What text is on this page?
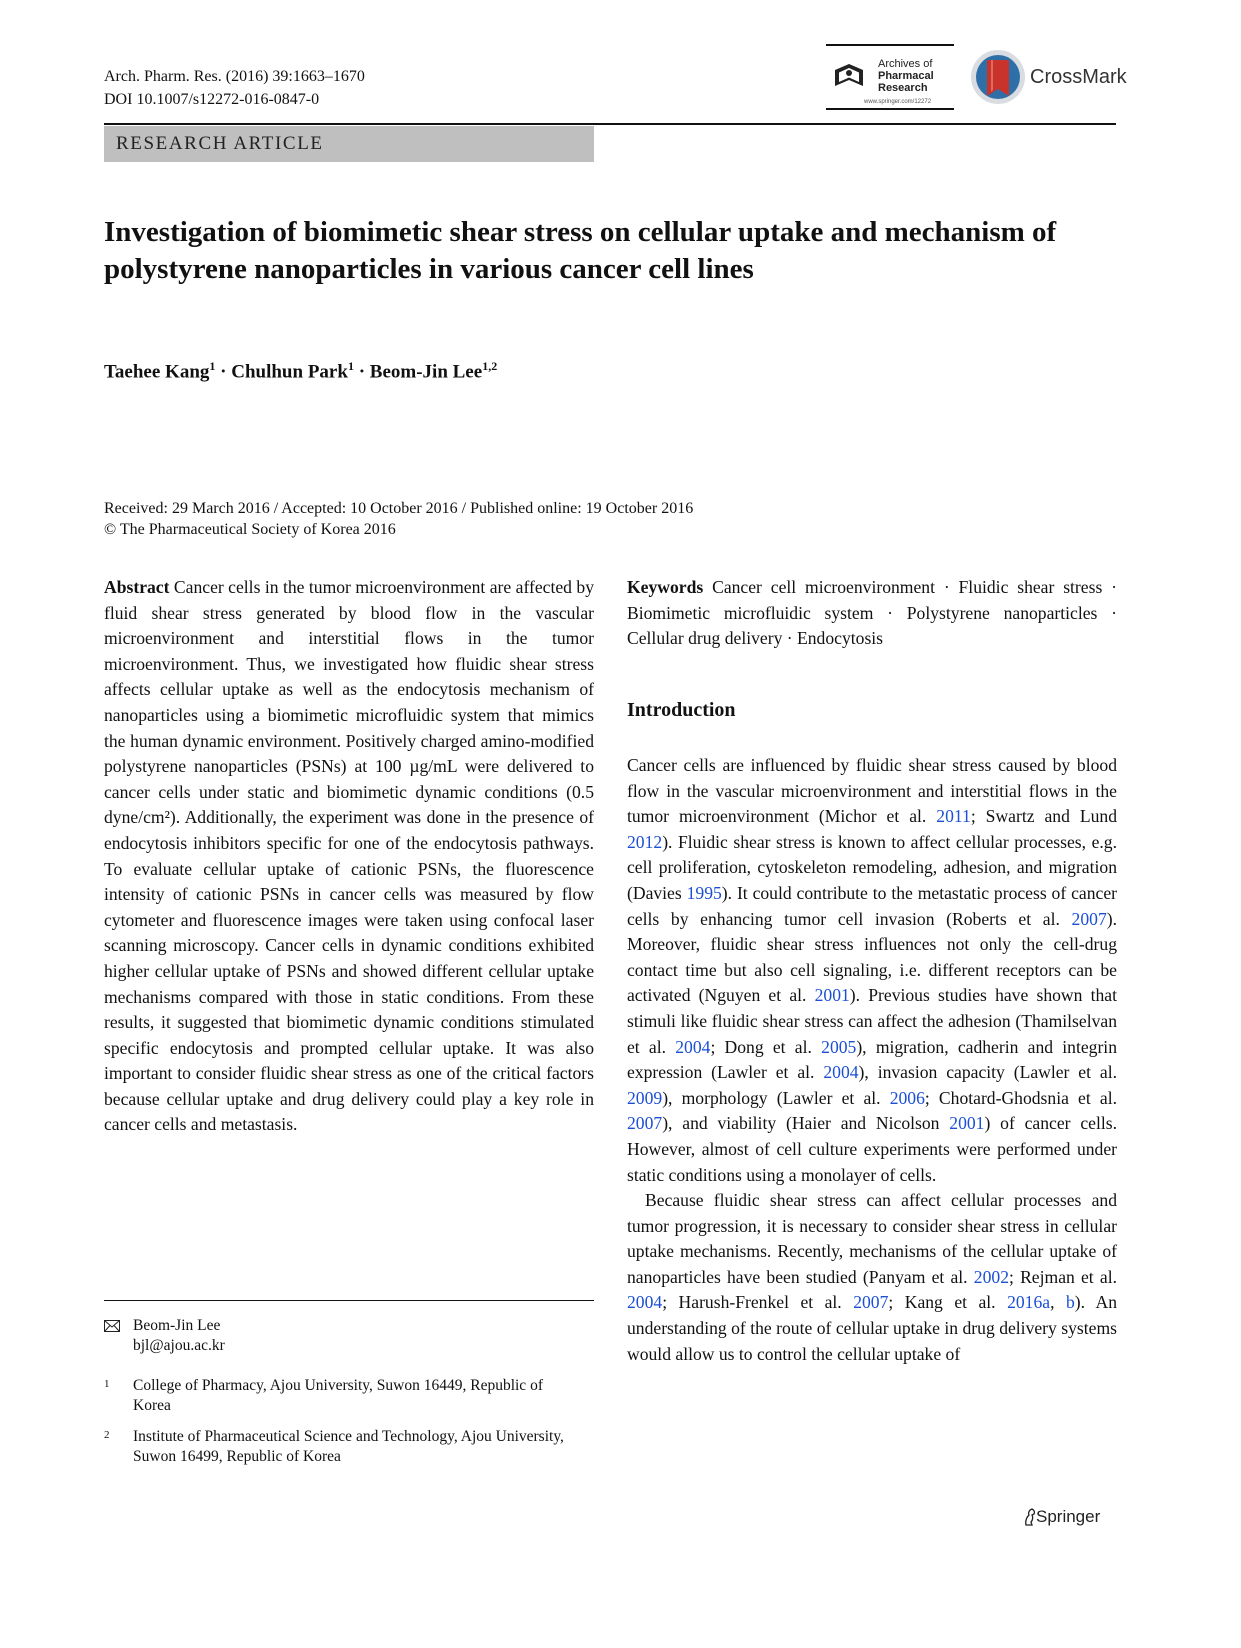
Arch. Pharm. Res. (2016) 39:1663–1670
DOI 10.1007/s12272-016-0847-0
Archives of
Pharmacal
Research
www.springer.com/12272
CrossMark
RESEARCH ARTICLE
Investigation of biomimetic shear stress on cellular uptake and mechanism of polystyrene nanoparticles in various cancer cell lines
Taehee Kang$^1$ · Chulhun Park$^1$ · Beom-Jin Lee$^{1,2}$
Received: 29 March 2016 / Accepted: 10 October 2016 / Published online: 19 October 2016
© The Pharmaceutical Society of Korea 2016
Abstract Cancer cells in the tumor microenvironment are affected by fluid shear stress generated by blood flow in the vascular microenvironment and interstitial flows in the tumor microenvironment. Thus, we investigated how fluidic shear stress affects cellular uptake as well as the endocytosis mechanism of nanoparticles using a biomimetic microfluidic system that mimics the human dynamic environment. Positively charged amino-modified polystyrene nanoparticles (PSNs) at 100 µg/mL were delivered to cancer cells under static and biomimetic dynamic conditions (0.5 dyne/cm²). Additionally, the experiment was done in the presence of endocytosis inhibitors specific for one of the endocytosis pathways. To evaluate cellular uptake of cationic PSNs, the fluorescence intensity of cationic PSNs in cancer cells was measured by flow cytometer and fluorescence images were taken using confocal laser scanning microscopy. Cancer cells in dynamic conditions exhibited higher cellular uptake of PSNs and showed different cellular uptake mechanisms compared with those in static conditions. From these results, it suggested that biomimetic dynamic conditions stimulated specific endocytosis and prompted cellular uptake. It was also important to consider fluidic shear stress as one of the critical factors because cellular uptake and drug delivery could play a key role in cancer cells and metastasis.
Keywords Cancer cell microenvironment · Fluidic shear stress · Biomimetic microfluidic system · Polystyrene nanoparticles · Cellular drug delivery · Endocytosis
Introduction

Cancer cells are influenced by fluidic shear stress caused by blood flow in the vascular microenvironment and interstitial flows in the tumor microenvironment (Michor et al. 2011; Swartz and Lund 2012). Fluidic shear stress is known to affect cellular processes, e.g. cell proliferation, cytoskeleton remodeling, adhesion, and migration (Davies 1995). It could contribute to the metastatic process of cancer cells by enhancing tumor cell invasion (Roberts et al. 2007). Moreover, fluidic shear stress influences not only the cell-drug contact time but also cell signaling, i.e. different receptors can be activated (Nguyen et al. 2001). Previous studies have shown that stimuli like fluidic shear stress can affect the adhesion (Thamilselvan et al. 2004; Dong et al. 2005), migration, cadherin and integrin expression (Lawler et al. 2004), invasion capacity (Lawler et al. 2009), morphology (Lawler et al. 2006; Chotard-Ghodsnia et al. 2007), and viability (Haier and Nicolson 2001) of cancer cells. However, almost of cell culture experiments were performed under static conditions using a monolayer of cells.

Because fluidic shear stress can affect cellular processes and tumor progression, it is necessary to consider shear stress in cellular uptake mechanisms. Recently, mechanisms of the cellular uptake of nanoparticles have been studied (Panyam et al. 2002; Rejman et al. 2004; Harush-Frenkel et al. 2007; Kang et al. 2016a, b). An understanding of the route of cellular uptake in drug delivery systems would allow us to control the cellular uptake of

Beom-Jin Lee
bjl@ajou.ac.kr
1	College of Pharmacy, Ajou University, Suwon 16449, Republic of Korea
2	Institute of Pharmaceutical Science and Technology, Ajou University, Suwon 16499, Republic of Korea
Springer
